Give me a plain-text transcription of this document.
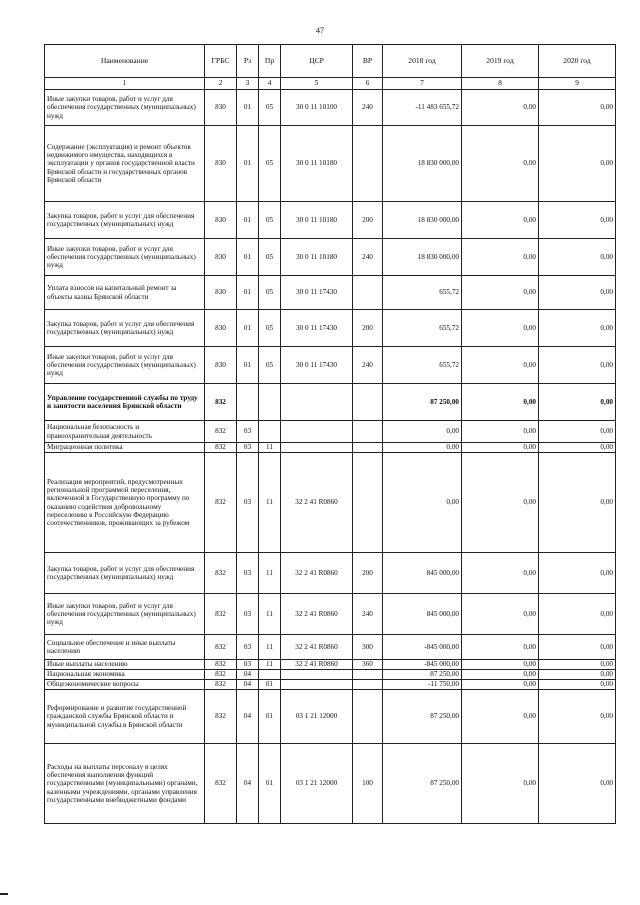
47
Наименование	ГРБС	Рз	Пр	ЦСР	ВР	2018 год	2019 год	2020 год
1	2	3	4	5	6	7	8	9
Иные закупки товаров, работ и услуг для обеспечения государственных (муниципальных) нужд	830	01	05	30 0 11 10100	240	-11 483 655,72	0,00	0,00
Содержание (эксплуатация) и ремонт объектов недвижимого имущества, находящихся в эксплуатации у органов государственной власти Брянской области и государственных органов Брянской области	830	01	05	30 0 11 10180		18 830 000,00	0,00	0,00
Закупка товаров, работ и услуг для обеспечения государственных (муниципальных) нужд	830	01	05	30 0 11 10180	200	18 830 000,00	0,00	0,00
Иные закупки товаров, работ и услуг для обеспечения государственных (муниципальных) нужд	830	01	05	30 0 11 10180	240	18 830 000,00	0,00	0,00
Уплата взносов на капитальный ремонт за объекты казны Брянской области	830	01	05	30 0 11 17430		655,72	0,00	0,00
Закупка товаров, работ и услуг для обеспечения государственных (муниципальных) нужд	830	01	05	30 0 11 17430	200	655,72	0,00	0,00
Иные закупки товаров, работ и услуг для обеспечения государственных (муниципальных) нужд	830	01	05	30 0 11 17430	240	655,72	0,00	0,00
Управление государственной службы по труду и занятости населения Брянской области	832					87 250,00	0,00	0,00
Национальная безопасность и правоохранительная деятельность	832	03				0,00	0,00	0,00
Миграционная политика	832	03	11			0,00	0,00	0,00
Реализация мероприятий, предусмотренных региональной программой переселения, включенной в Государственную программу по оказанию содействия добровольному переселению в Российскую Федерацию соотечественников, проживающих за рубежом	832	03	11	32 2 41 R0860		0,00	0,00	0,00
Закупка товаров, работ и услуг для обеспечения государственных (муниципальных) нужд	832	03	11	32 2 41 R0860	200	845 000,00	0,00	0,00
Иные закупки товаров, работ и услуг для обеспечения государственных (муниципальных) нужд	832	03	11	32 2 41 R0860	240	845 000,00	0,00	0,00
Социальное обеспечение и иные выплаты населению	832	03	11	32 2 41 R0860	300	-845 000,00	0,00	0,00
Иные выплаты населению	832	03	11	32 2 41 R0860	360	-845 000,00	0,00	0,00
Национальная экономика	832	04				87 250,00	0,00	0,00
Общеэкономические вопросы	832	04	01			-11 750,00	0,00	0,00
Реформирование и развитие государственной гражданской службы Брянской области и муниципальной службы в Брянской области	832	04	01	03 1 21 12000		87 250,00	0,00	0,00
Расходы на выплаты персоналу в целях обеспечения выполнения функций государственными (муниципальными) органами, казенными учреждениями, органами управления государственными внебюджетными фондами	832	04	01	03 1 21 12000	100	87 250,00	0,00	0,00
